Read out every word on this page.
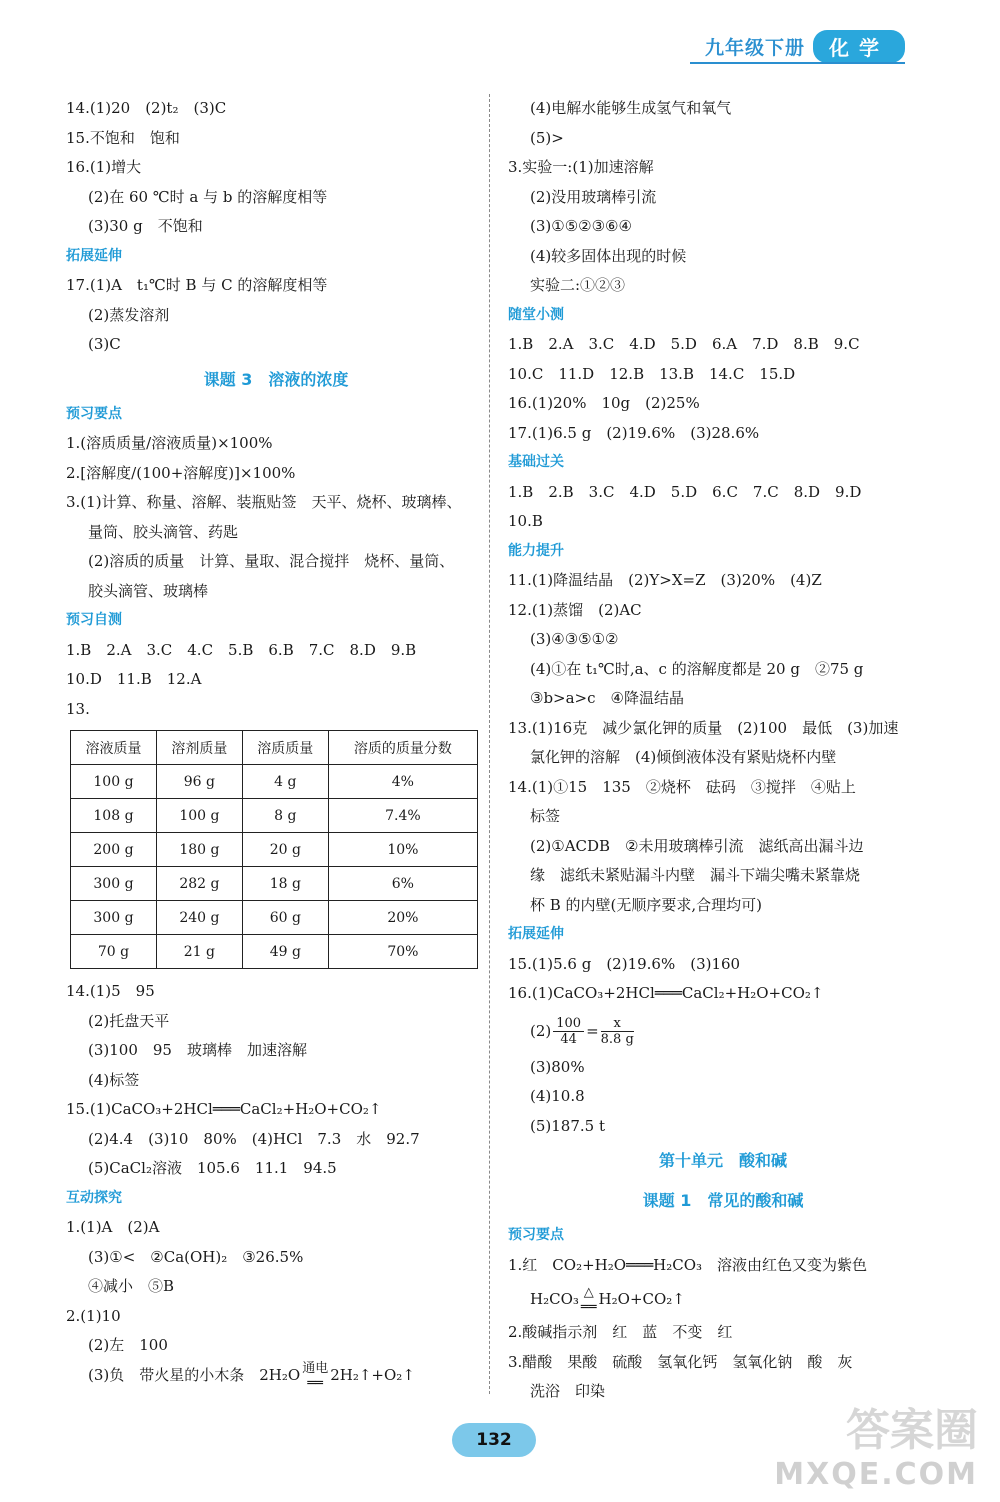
九年级下册	化学
14.(1)20　(2)t₂　(3)C
15.不饱和　饱和
16.(1)增大
(2)在 60 ℃时 a 与 b 的溶解度相等
(3)30 g　不饱和
拓展延伸
17.(1)A　t₁℃时 B 与 C 的溶解度相等
(2)蒸发溶剂
(3)C
课题 3　溶液的浓度
预习要点
1.(溶质质量/溶液质量)×100%
2.[溶解度/(100+溶解度)]×100%
3.(1)计算、称量、溶解、装瓶贴签　天平、烧杯、玻璃棒、
量筒、胶头滴管、药匙
(2)溶质的质量　计算、量取、混合搅拌　烧杯、量筒、
胶头滴管、玻璃棒
预习自测
1.B　2.A　3.C　4.C　5.B　6.B　7.C　8.D　9.B
10.D　11.B　12.A
13.
溶液质量	溶剂质量	溶质质量	溶质的质量分数
100 g	96 g	4 g	4%
108 g	100 g	8 g	7.4%
200 g	180 g	20 g	10%
300 g	282 g	18 g	6%
300 g	240 g	60 g	20%
70 g	21 g	49 g	70%
14.(1)5　95
(2)托盘天平
(3)100　95　玻璃棒　加速溶解
(4)标签
15.(1)CaCO₃+2HCl═══CaCl₂+H₂O+CO₂↑
(2)4.4　(3)10　80%　(4)HCl　7.3　水　92.7
(5)CaCl₂溶液　105.6　11.1　94.5
互动探究
1.(1)A　(2)A
(3)①<　②Ca(OH)₂　③26.5%
④减小　⑤B
2.(1)10
(2)左　100
(3)负　带火星的小木条　2H₂O 通电
══ 2H₂↑+O₂↑
(4)电解水能够生成氢气和氧气
(5)>
3.实验一:(1)加速溶解
(2)没用玻璃棒引流
(3)①⑤②③⑥④
(4)较多固体出现的时候
实验二:①②③
随堂小测
1.B　2.A　3.C　4.D　5.D　6.A　7.D　8.B　9.C
10.C　11.D　12.B　13.B　14.C　15.D
16.(1)20%　10g　(2)25%
17.(1)6.5 g　(2)19.6%　(3)28.6%
基础过关
1.B　2.B　3.C　4.D　5.D　6.C　7.C　8.D　9.D
10.B
能力提升
11.(1)降温结晶　(2)Y>X=Z　(3)20%　(4)Z
12.(1)蒸馏　(2)AC
(3)④③⑤①②
(4)①在 t₁℃时,a、c 的溶解度都是 20 g　②75 g
③b>a>c　④降温结晶
13.(1)16克　减少氯化钾的质量　(2)100　最低　(3)加速
氯化钾的溶解　(4)倾倒液体没有紧贴烧杯内壁
14.(1)①15　135　②烧杯　砝码　③搅拌　④贴上
标签
(2)①ACDB　②未用玻璃棒引流　滤纸高出漏斗边
缘　滤纸未紧贴漏斗内壁　漏斗下端尖嘴未紧靠烧
杯 B 的内壁(无顺序要求,合理均可)
拓展延伸
15.(1)5.6 g　(2)19.6%　(3)160
16.(1)CaCO₃+2HCl═══CaCl₂+H₂O+CO₂↑
$(2) \frac{100}{44} = \frac{x}{8.8 g}$
(3)80%
(4)10.8
(5)187.5 t
第十单元　酸和碱
课题 1　常见的酸和碱
预习要点
1.红　CO₂+H₂O═══H₂CO₃　溶液由红色又变为紫色
H₂CO₃ △
══ H₂O+CO₂↑
2.酸碱指示剂　红　蓝　不变　红
3.醋酸　果酸　硫酸　氢氧化钙　氢氧化钠　酸　灰
洗浴　印染
132	答案圈
MXQE.COM
